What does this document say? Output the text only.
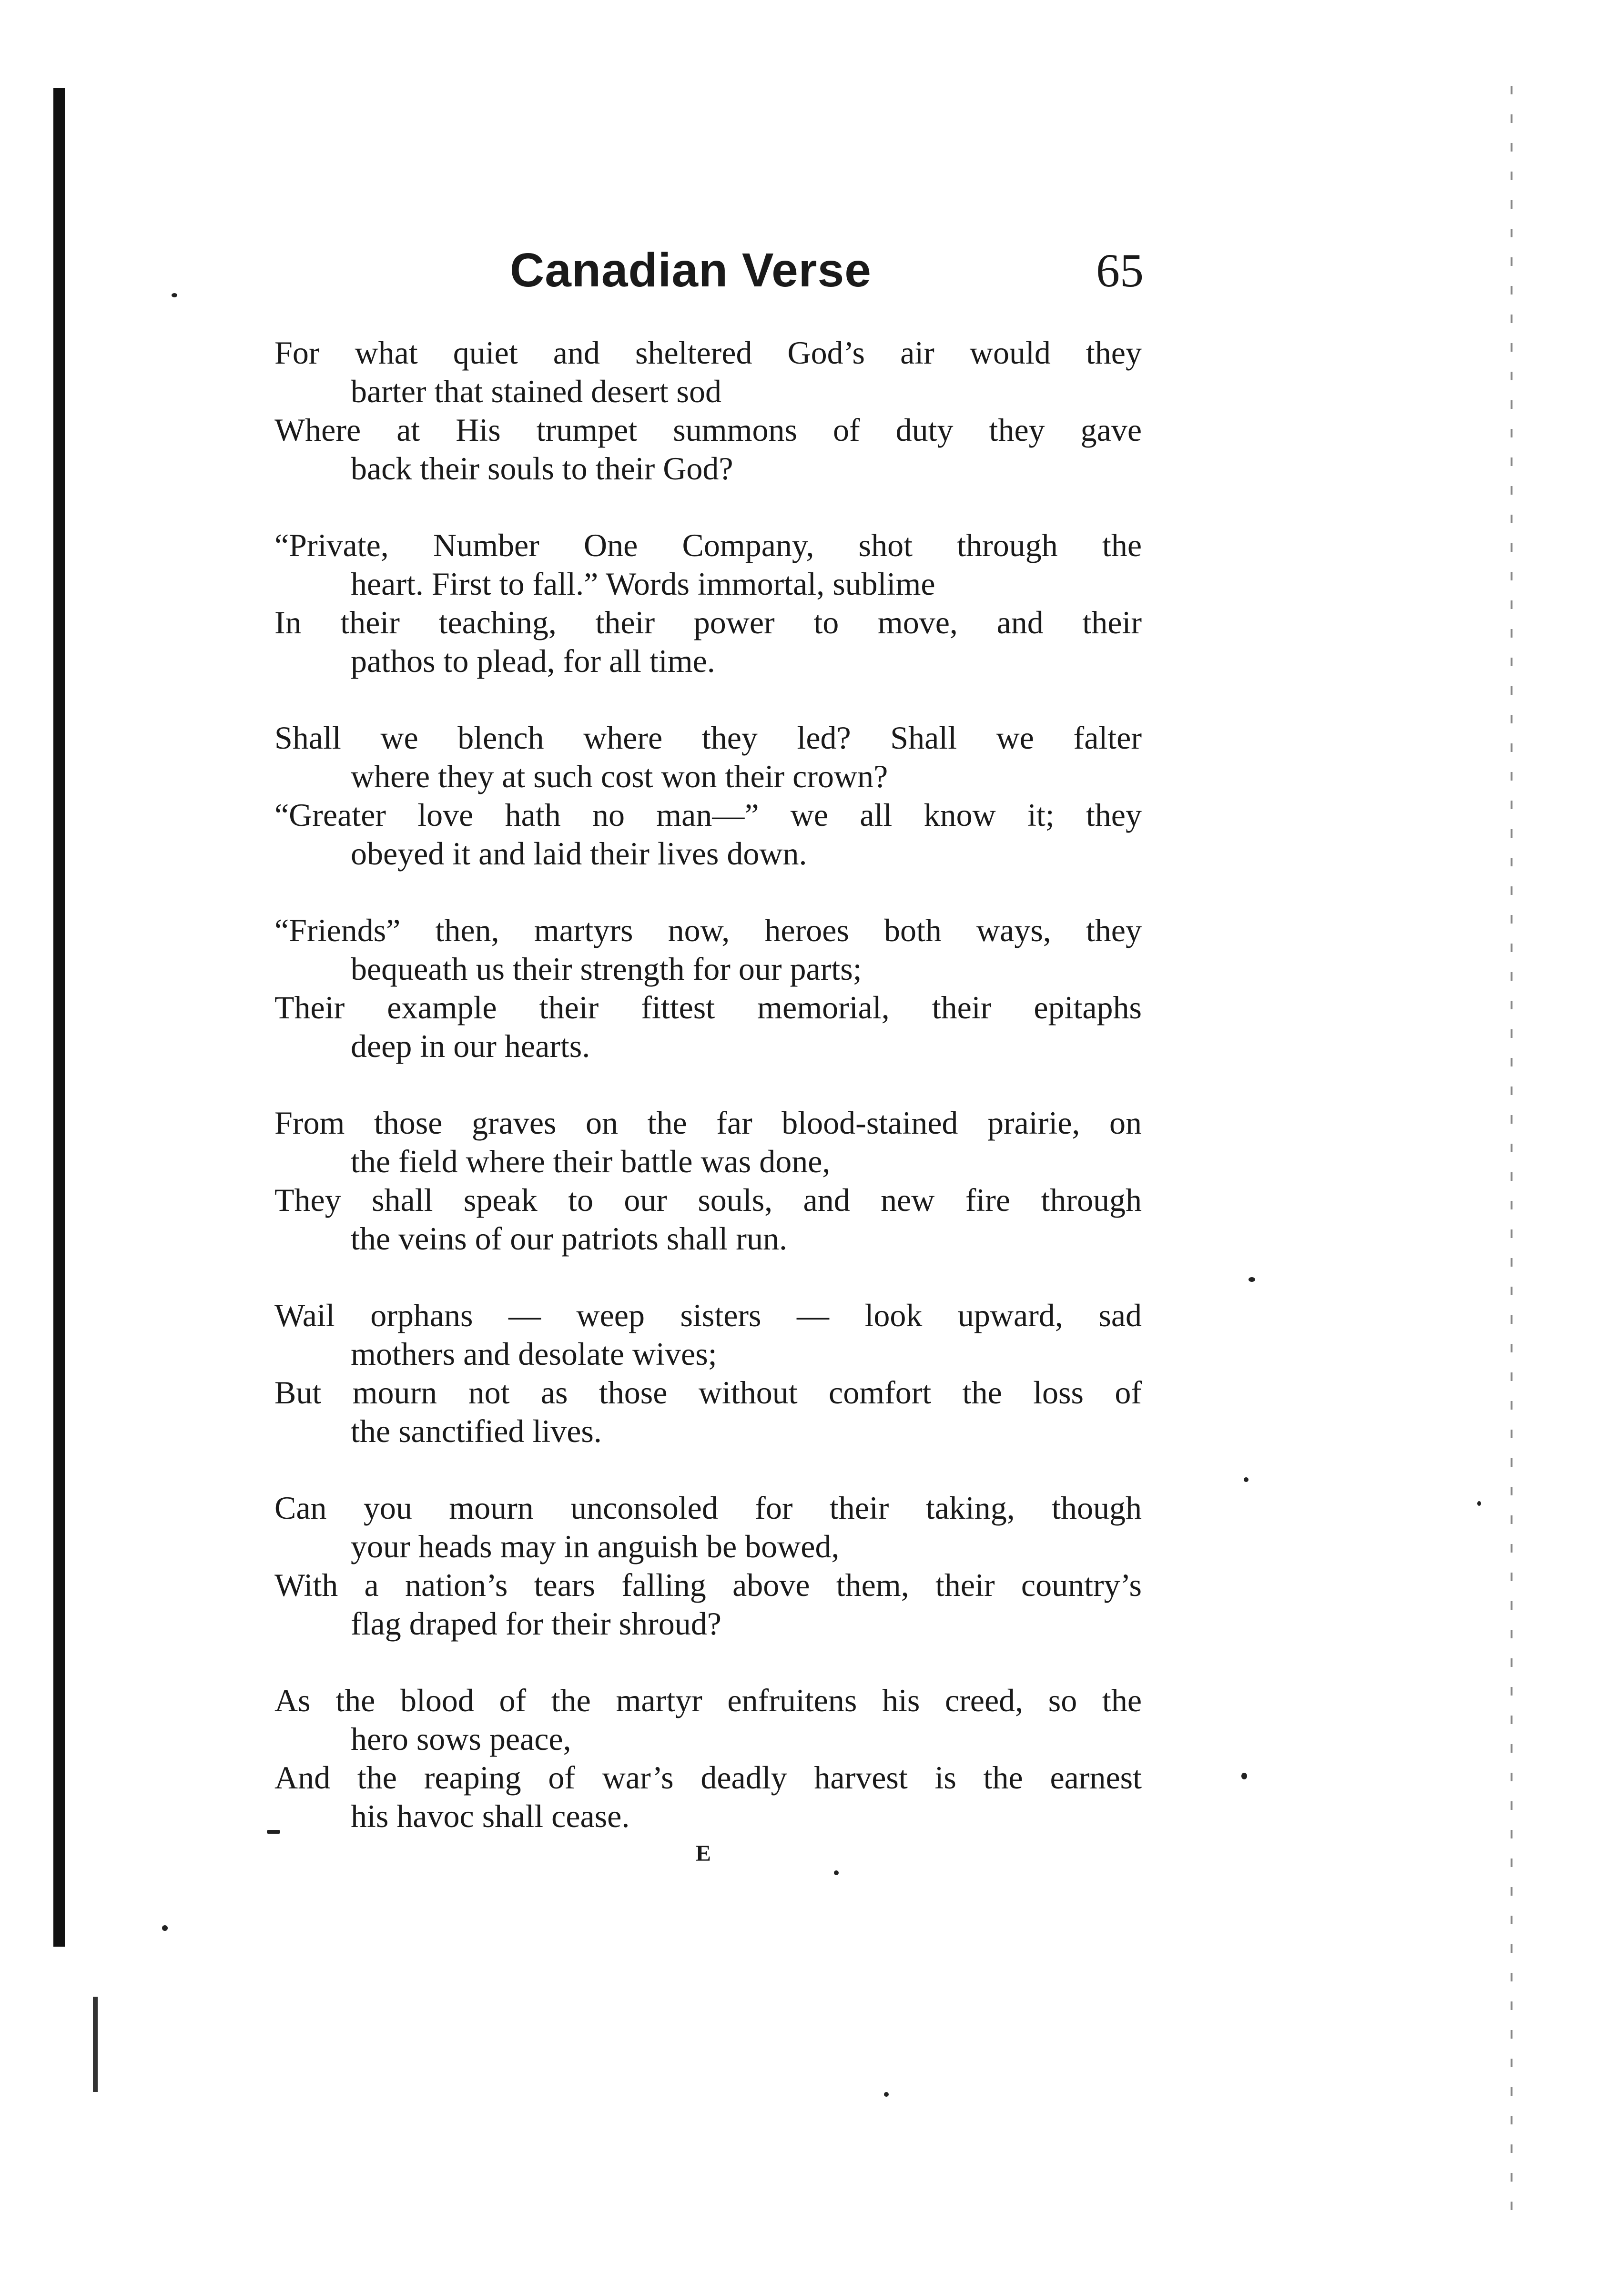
Canadian Verse	65
For what quiet and sheltered God’s air would they
barter that stained desert sod
Where at His trumpet summons of duty they gave
back their souls to their God?
“Private, Number One Company, shot through the
heart. First to fall.” Words immortal, sublime
In their teaching, their power to move, and their
pathos to plead, for all time.
Shall we blench where they led? Shall we falter
where they at such cost won their crown?
“Greater love hath no man—” we all know it; they
obeyed it and laid their lives down.
“Friends” then, martyrs now, heroes both ways, they
bequeath us their strength for our parts;
Their example their fittest memorial, their epitaphs
deep in our hearts.
From those graves on the far blood-stained prairie, on
the field where their battle was done,
They shall speak to our souls, and new fire through
the veins of our patriots shall run.
Wail orphans — weep sisters — look upward, sad
mothers and desolate wives;
But mourn not as those without comfort the loss of
the sanctified lives.
Can you mourn unconsoled for their taking, though
your heads may in anguish be bowed,
With a nation’s tears falling above them, their country’s
flag draped for their shroud?
As the blood of the martyr enfruitens his creed, so the
hero sows peace,
And the reaping of war’s deadly harvest is the earnest
his havoc shall cease.
E
